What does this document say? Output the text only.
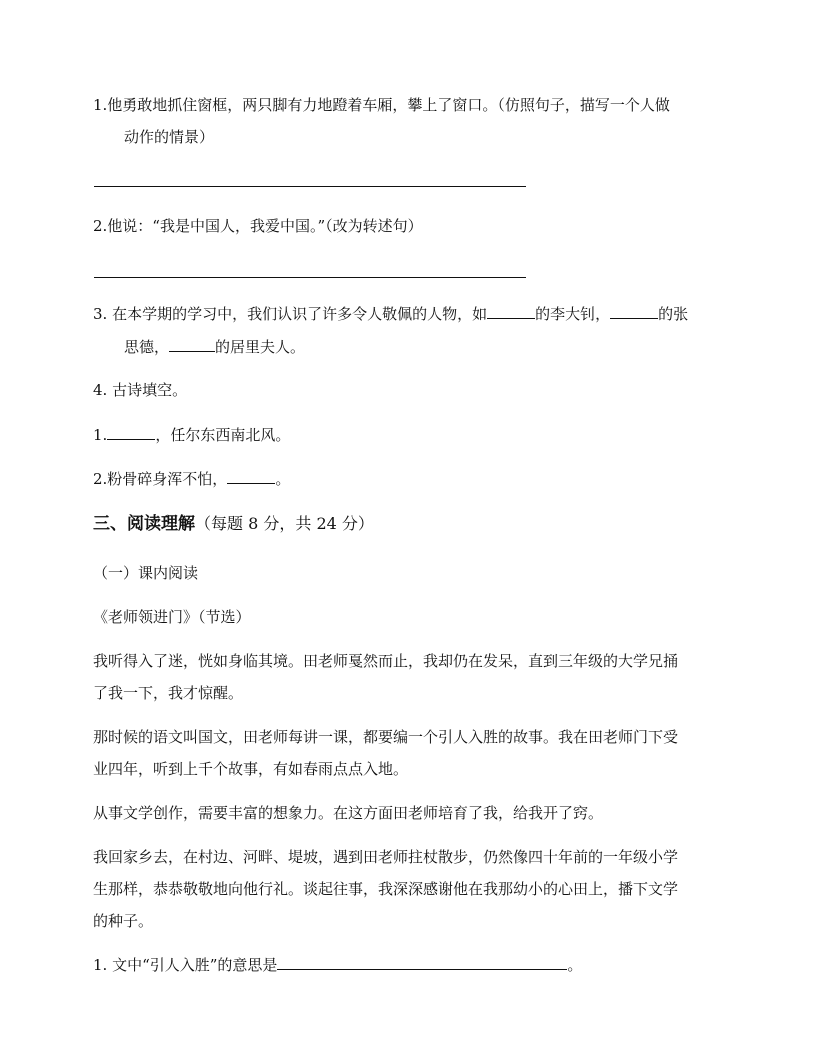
1.他勇敢地抓住窗框，两只脚有力地蹬着车厢，攀上了窗口。（仿照句子，描写一个人做
动作的情景）
2.他说：“我是中国人，我爱中国。”（改为转述句）
3. 在本学期的学习中，我们认识了许多令人敬佩的人物，如	的李大钊，	的张
思德，	的居里夫人。
4. 古诗填空。
1.	，任尔东西南北风。
2.粉骨碎身浑不怕，	。
三、阅读理解（每题 8 分，共 24 分）
（一）课内阅读
《老师领进门》（节选）
我听得入了迷，恍如身临其境。田老师戛然而止，我却仍在发呆，直到三年级的大学兄捅
了我一下，我才惊醒。
那时候的语文叫国文，田老师每讲一课，都要编一个引人入胜的故事。我在田老师门下受
业四年，听到上千个故事，有如春雨点点入地。
从事文学创作，需要丰富的想象力。在这方面田老师培育了我，给我开了窍。
我回家乡去，在村边、河畔、堤坡，遇到田老师拄杖散步，仍然像四十年前的一年级小学
生那样，恭恭敬敬地向他行礼。谈起往事，我深深感谢他在我那幼小的心田上，播下文学
的种子。
1. 文中“引人入胜”的意思是	。
